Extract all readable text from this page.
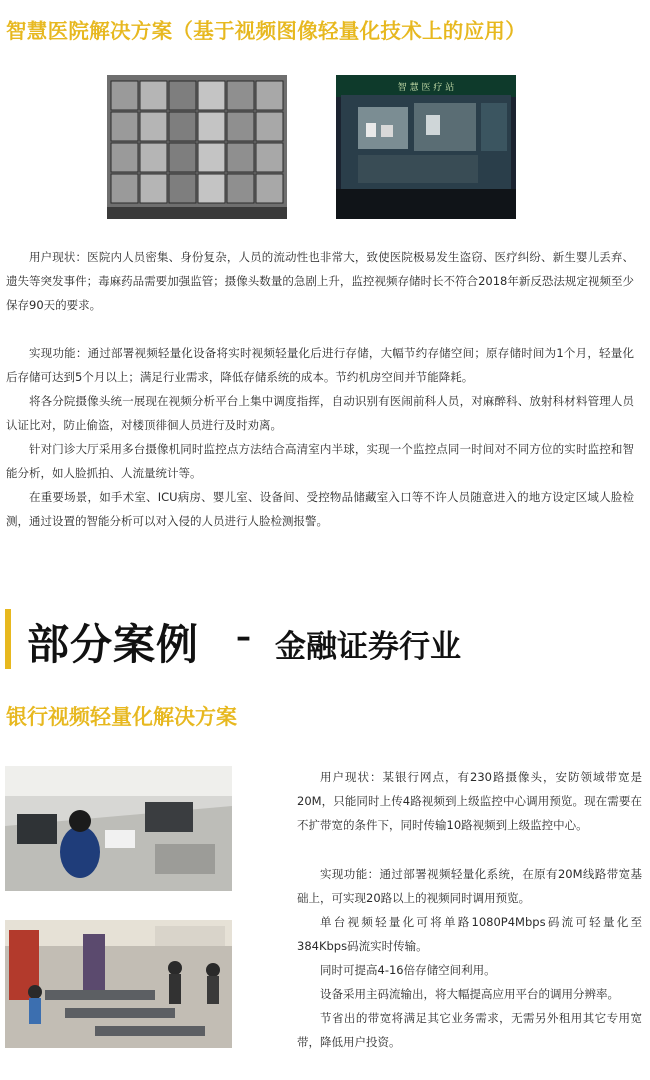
智慧医院解决方案（基于视频图像轻量化技术上的应用）
智 慧 医 疗 站

用户现状：医院内人员密集、身份复杂，人员的流动性也非常大，致使医院极易发生盗窃、医疗纠纷、新生婴儿丢弃、遗失等突发事件；毒麻药品需要加强监管；摄像头数量的急剧上升，监控视频存储时长不符合2018年新反恐法规定视频至少保存90天的要求。

实现功能：通过部署视频轻量化设备将实时视频轻量化后进行存储，大幅节约存储空间；原存储时间为1个月，轻量化后存储可达到5个月以上；满足行业需求，降低存储系统的成本。节约机房空间并节能降耗。

将各分院摄像头统一展现在视频分析平台上集中调度指挥，自动识别有医闹前科人员，对麻醉科、放射科材料管理人员认证比对，防止偷盗，对楼顶徘徊人员进行及时劝离。

针对门诊大厅采用多台摄像机同时监控点方法结合高清室内半球，实现一个监控点同一时间对不同方位的实时监控和智能分析，如人脸抓拍、人流量统计等。

在重要场景，如手术室、ICU病房、婴儿室、设备间、受控物品储藏室入口等不许人员随意进入的地方设定区域人脸检测，通过设置的智能分析可以对入侵的人员进行人脸检测报警。

部分案例 – 金融证券行业
银行视频轻量化解决方案

用户现状：某银行网点，有230路摄像头，安防领域带宽是20M，只能同时上传4路视频到上级监控中心调用预览。现在需要在不扩带宽的条件下，同时传输10路视频到上级监控中心。

实现功能：通过部署视频轻量化系统，在原有20M线路带宽基础上，可实现20路以上的视频同时调用预览。

单台视频轻量化可将单路1080P4Mbps码流可轻量化至384Kbps码流实时传输。

同时可提高4-16倍存储空间利用。

设备采用主码流输出，将大幅提高应用平台的调用分辨率。

节省出的带宽将满足其它业务需求，无需另外租用其它专用宽带，降低用户投资。
